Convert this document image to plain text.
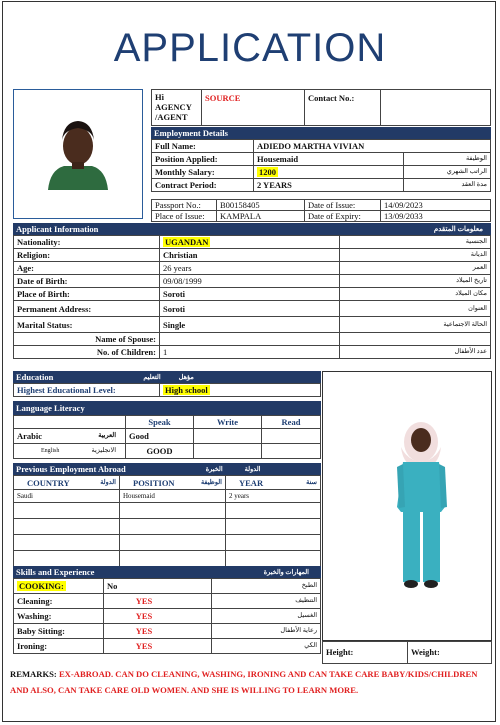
APPLICATION
Hi AGENCY /AGENT	SOURCE	Contact No.:	
Employment Details
Full Name:	ADIEDO MARTHA VIVIAN	
Position Applied:	Housemaid	الوظيفة
Monthly Salary:	1200	الراتب الشهري
Contract Period:	2 YEARS	مدة العقد
Passport No.:	B00158405	Date of Issue:	14/09/2023
Place of Issue:	KAMPALA	Date of Expiry:	13/09/2033
Applicant Information	معلومات المتقدم
Nationality:	UGANDAN	الجنسية
Religion:	Christian	الديانة
Age:	26 years	العمر
Date of Birth:	09/08/1999	تاريخ الميلاد
Place of Birth:	Soroti	مكان الميلاد
Permanent Address:	Soroti	العنوان
Marital Status:	Single	الحالة الاجتماعية
Name of Spouse:		
No. of Children:	1	عدد الأطفال
Education	التعليم	مؤهل
Highest Educational Level:	High school
Language Literacy
	Speak	Write	Read
Arabic العربية	Good		
English الانجليزية	GOOD		
Previous Employment Abroad	الخبرة	الدولة
COUNTRY الدولة	POSITION الوظيفة	YEAR سنة

Saudi	Housemaid	2 years

Skills and Experience	المهارات والخبرة
COOKING:	No	الطبخ
Cleaning:	YES	التنظيف
Washing:	YES	الغسيل
Baby Sitting:	YES	رعاية الأطفال
Ironing:	YES	الكي
Height:	Weight:
REMARKS: EX-ABROAD. CAN DO CLEANING, WASHING, IRONING AND CAN TAKE CARE BABY/KIDS/CHILDREN AND ALSO, CAN TAKE CARE OLD WOMEN. AND SHE IS WILLING TO LEARN MORE.
